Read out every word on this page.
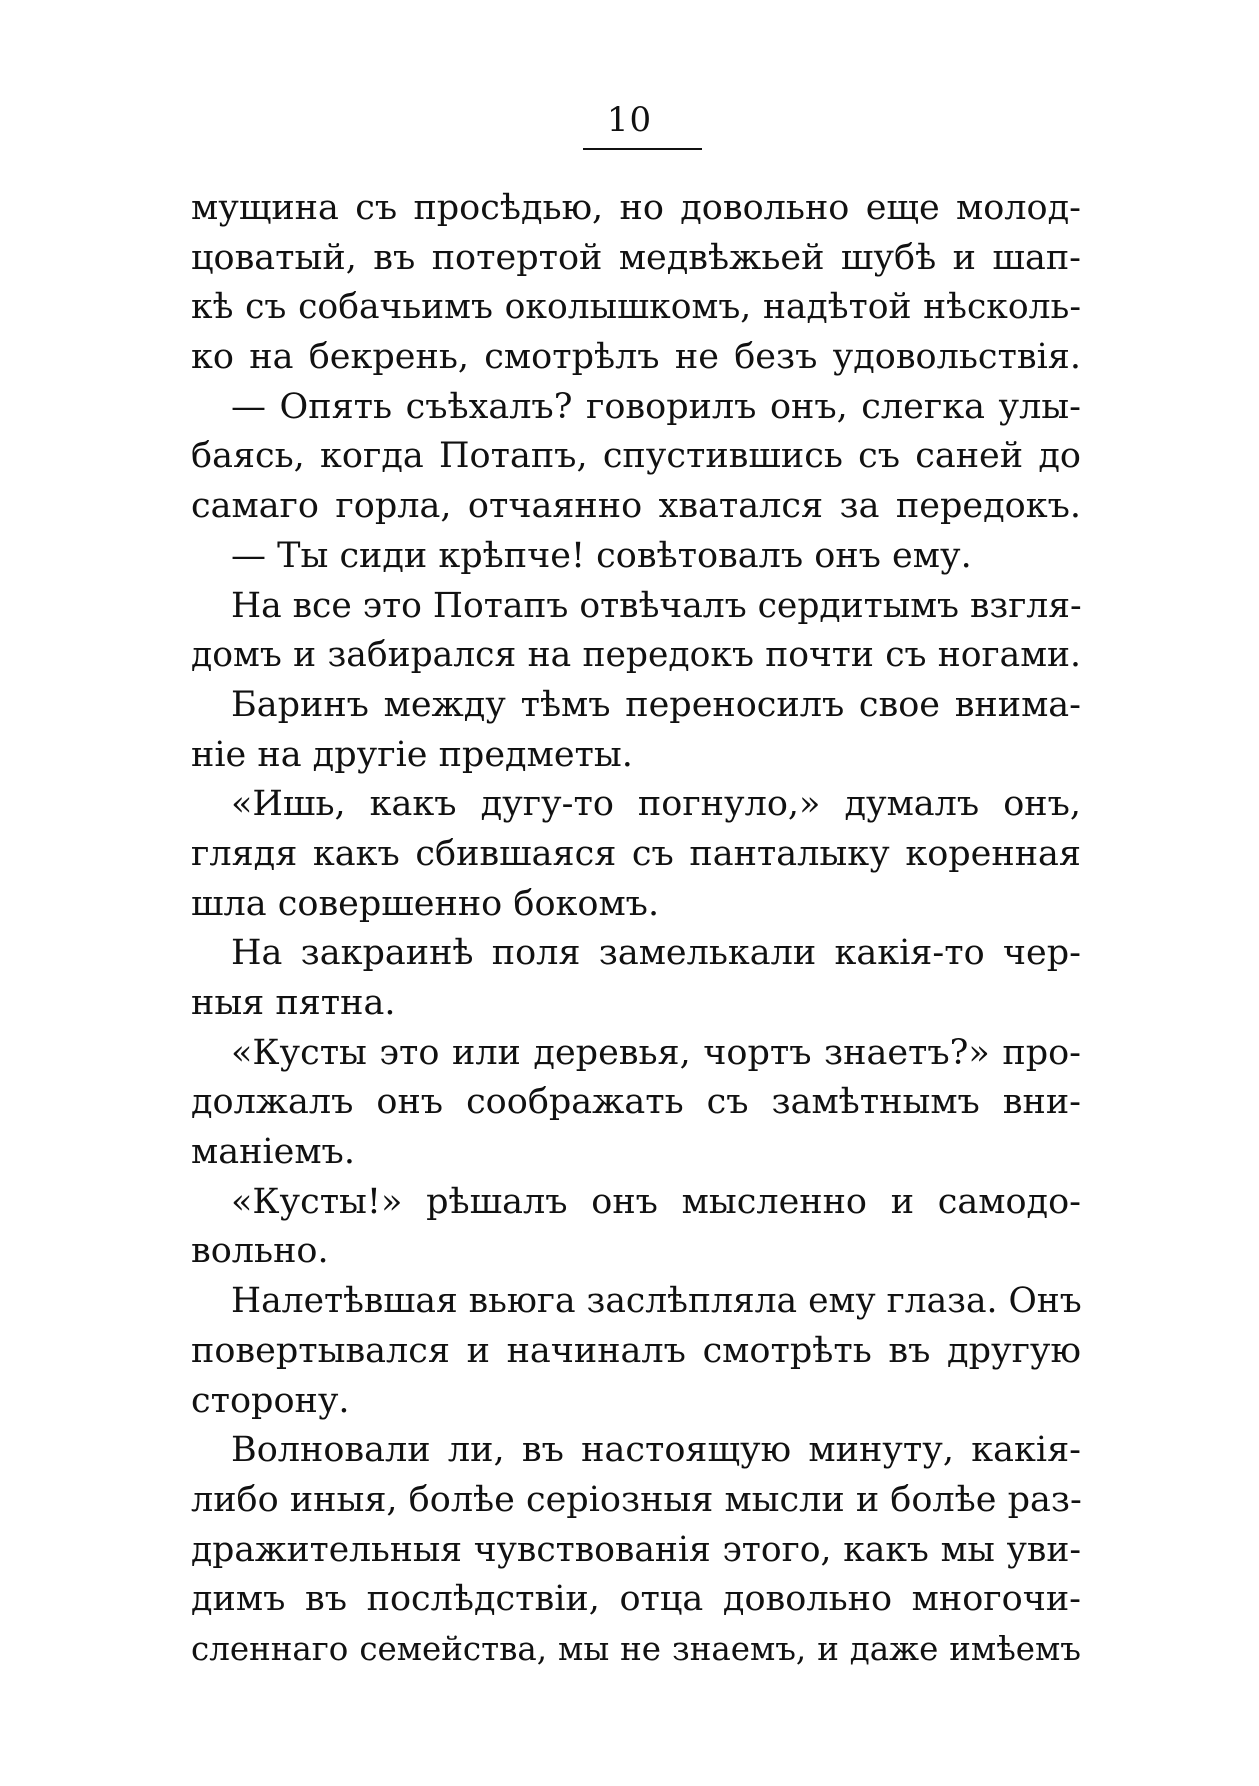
10
мущина съ просѣдью, но довольно еще молод-
цоватый, въ потертой медвѣжьей шубѣ и шап-
кѣ съ собачьимъ околышкомъ, надѣтой нѣсколь-
ко на бекрень, смотрѣлъ не безъ удовольствія.
— Опять съѣхалъ? говорилъ онъ, слегка улы-
баясь, когда Потапъ, спустившись съ саней до
самаго горла, отчаянно хватался за передокъ.
— Ты сиди крѣпче! совѣтовалъ онъ ему.
На все это Потапъ отвѣчалъ сердитымъ взгля-
домъ и забирался на передокъ почти съ ногами.
Баринъ между тѣмъ переносилъ свое внима-
ніе на другіе предметы.
«Ишь, какъ дугу-то погнуло,» думалъ онъ,
глядя какъ сбившаяся съ панталыку коренная
шла совершенно бокомъ.
На закраинѣ поля замелькали какія-то чер-
ныя пятна.
«Кусты это или деревья, чортъ знаетъ?» про-
должалъ онъ соображать съ замѣтнымъ вни-
маніемъ.
«Кусты!» рѣшалъ онъ мысленно и самодо-
вольно.
Налетѣвшая вьюга заслѣпляла ему глаза. Онъ
повертывался и начиналъ смотрѣть въ другую
сторону.
Волновали ли, въ настоящую минуту, какія-
либо иныя, болѣе серіозныя мысли и болѣе раз-
дражительныя чувствованія этого, какъ мы уви-
димъ въ послѣдствіи, отца довольно многочи-
сленнаго семейства, мы не знаемъ, и даже имѣемъ
